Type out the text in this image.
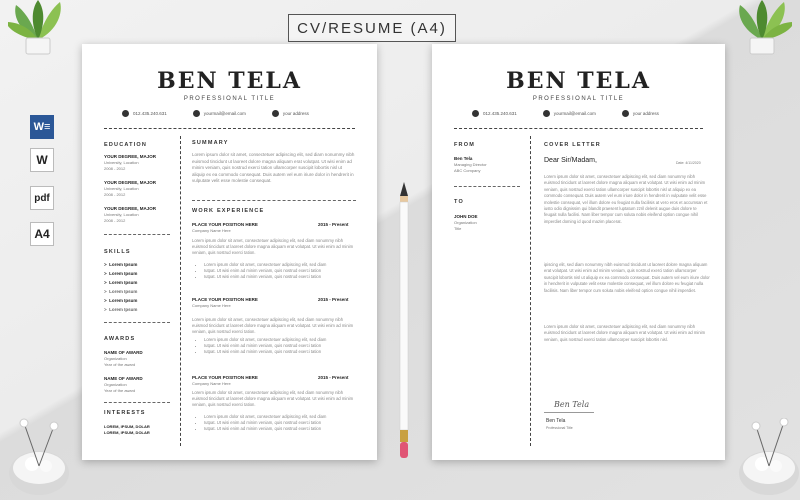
CV/RESUME (A4)
W≡
W
pdf
A4
BEN TELA
PROFESSIONAL TITLE
012.435.240.631	yourmail@email.com	your address
EDUCATION
YOUR DEGREE, MAJOR
University, Location
2008 - 2012
YOUR DEGREE, MAJOR
University, Location
2008 - 2012
YOUR DEGREE, MAJOR
University, Location
2008 - 2012
SKILLS
>  Lorem Ipsum
>  Lorem Ipsum
>  Lorem Ipsum
>  Lorem Ipsum
>  Lorem Ipsum
>  Lorem Ipsum
AWARDS
NAME OF AWARD
Organization
Year of the award
NAME OF AWARD
Organization
Year of the award
INTERESTS
LOREM, IPSUM, DOLAR
LOREM, IPSUM, DOLAR
SUMMARY
Lorem ipsum dolor sit amet, consectetuer adipiscing elit, sed diam nonummy nibh euismod tincidunt ut laoreet dolore magna aliquam erat volutpat. Ut wisi enim ad minim veniam, quis nostrud exerci tation ullamcorper suscipit lobortis nisl ut aliquip ex ea commodo consequat. Duis autem vel eum iriure dolor in hendrerit in vulputate velit esse molestie consequat.
WORK EXPERIENCE
PLACE YOUR POSITION HERE	2015 - Present
Company Name Here
Lorem ipsum dolor sit amet, consectetuer adipiscing elit, sed diam nonummy nibh euismod tincidunt ut laoreet dolore magna aliquam erat volutpat. Ut wisi enim ad minim veniam, quis nostrud exerci tation.
• Lorem ipsum dolor sit amet, consectetuer adipiscing elit, sed diam
• Iutpat. Ut wisi enim ad minim veniam, quis nostrud exerci tation
• Iutpat. Ut wisi enim ad minim veniam, quis nostrud exerci tation
PLACE YOUR POSITION HERE	2015 - Present
Company Name Here
Lorem ipsum dolor sit amet, consectetuer adipiscing elit, sed diam nonummy nibh euismod tincidunt ut laoreet dolore magna aliquam erat volutpat. Ut wisi enim ad minim veniam, quis nostrud exerci tation.
• Lorem ipsum dolor sit amet, consectetuer adipiscing elit, sed diam
• Iutpat. Ut wisi enim ad minim veniam, quis nostrud exerci tation
• Iutpat. Ut wisi enim ad minim veniam, quis nostrud exerci tation
PLACE YOUR POSITION HERE	2015 - Present
Company Name Here
Lorem ipsum dolor sit amet, consectetuer adipiscing elit, sed diam nonummy nibh euismod tincidunt ut laoreet dolore magna aliquam erat volutpat. Ut wisi enim ad minim veniam, quis nostrud exerci tation.
• Lorem ipsum dolor sit amet, consectetuer adipiscing elit, sed diam
• Iutpat. Ut wisi enim ad minim veniam, quis nostrud exerci tation
• Iutpat. Ut wisi enim ad minim veniam, quis nostrud exerci tation
BEN TELA
PROFESSIONAL TITLE
012.435.240.631	yourmail@email.com	your address
FROM
Ben Tela
Managing Director
ABC Company
TO
JOHN DOE
Organization
Title
COVER LETTER
Dear Sir/Madam,	Date: 4/11/2020
Lorem ipsum dolor sit amet, consectetuer adipiscing elit, sed diam nonummy nibh euismod tincidunt ut laoreet dolore magna aliquam erat volutpat. Ut wisi enim ad minim veniam, quis nostrud exerci tation ullamcorper suscipit lobortis nisl ut aliquip ex ea commodo consequat. Duis autem vel eum iriure dolor in hendrerit in vulputate velit esse molestie consequat, vel illum dolore eu feugiat nulla facilisis at vero eros et accumsan et iusto odio dignissim qui blandit praesent luptatum zzril delenit augue duis dolore te feugait nulla facilisi. Nam liber tempor cum soluta nobis eleifend option congue nihil imperdiet doming id quod mazim placerat.
ipiscing elit, sed diam nonummy nibh euismod tincidunt ut laoreet dolore magna aliquam erat volutpat. Ut wisi enim ad minim veniam, quis nostrud exerci tation ullamcorper suscipit lobortis nisl ut aliquip ex ea commodo consequat. Duis autem vel eum iriure dolor in hendrerit in vulputate velit esse molestie consequat, vel illum dolore eu feugiat nulla facilisis. Nam liber tempor cum soluta nobis eleifend option congue nihil imperdiet.
Lorem ipsum dolor sit amet, consectetuer adipiscing elit, sed diam nonummy nibh euismod tincidunt ut laoreet dolore magna aliquam erat volutpat. Ut wisi enim ad minim veniam, quis nostrud exerci tation ullamcorper suscipit lobortis nisl.
Ben Tela
Ben Tela
Professional Title
